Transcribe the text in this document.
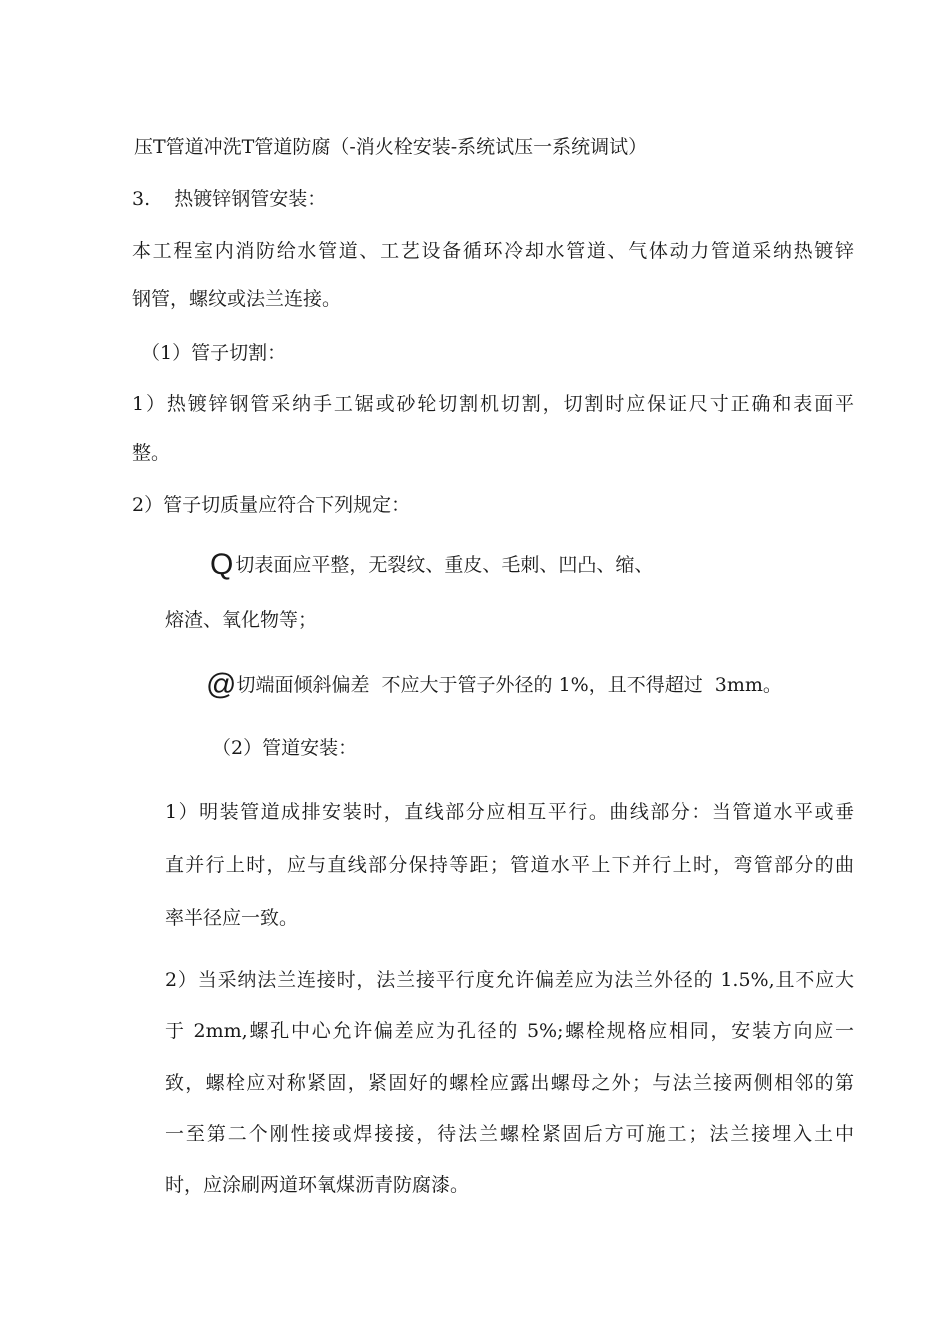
压T管道冲洗T管道防腐（-消火栓安装-系统试压一系统调试）
3.    热镀锌钢管安装：
本工程室内消防给水管道、工艺设备循环冷却水管道、气体动力管道采纳热镀锌
钢管，螺纹或法兰连接。
（1）管子切割：
1）热镀锌钢管采纳手工锯或砂轮切割机切割，切割时应保证尺寸正确和表面平
整。
2）管子切质量应符合下列规定：
Q切表面应平整，无裂纹、重皮、毛刺、凹凸、缩、
熔渣、氧化物等；
@切端面倾斜偏差  不应大于管子外径的 1%，且不得超过  3mm。
（2）管道安装：
1）明装管道成排安装时，直线部分应相互平行。曲线部分：当管道水平或垂
直并行上时，应与直线部分保持等距；管道水平上下并行上时，弯管部分的曲
率半径应一致。
2）当采纳法兰连接时，法兰接平行度允许偏差应为法兰外径的 1.5%,且不应大
于 2mm,螺孔中心允许偏差应为孔径的 5%;螺栓规格应相同，安装方向应一
致，螺栓应对称紧固，紧固好的螺栓应露出螺母之外；与法兰接两侧相邻的第
一至第二个刚性接或焊接接，待法兰螺栓紧固后方可施工；法兰接埋入土中
时，应涂刷两道环氧煤沥青防腐漆。
